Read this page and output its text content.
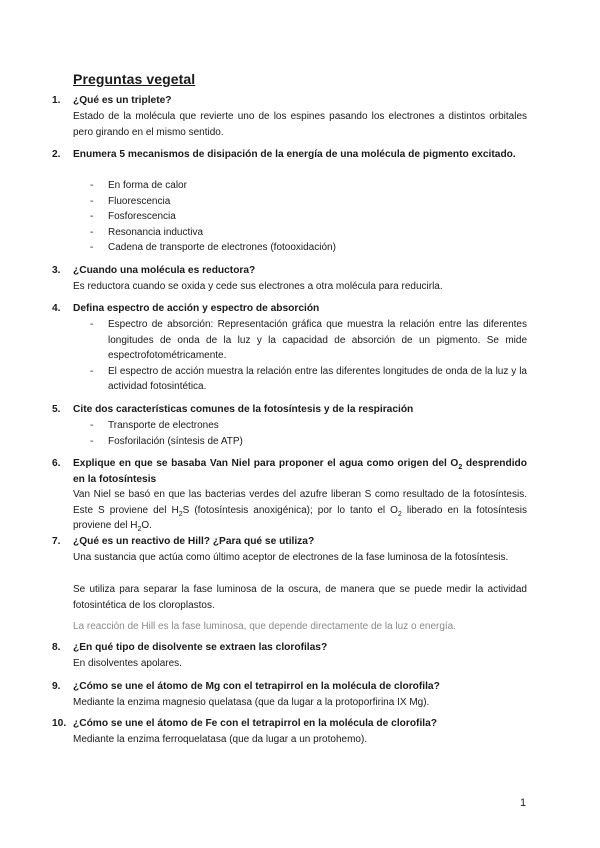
Preguntas vegetal
1. ¿Qué es un triplete?
Estado de la molécula que revierte uno de los espines pasando los electrones a distintos orbitales pero girando en el mismo sentido.
2. Enumera 5 mecanismos de disipación de la energía de una molécula de pigmento excitado.
- En forma de calor
- Fluorescencia
- Fosforescencia
- Resonancia inductiva
- Cadena de transporte de electrones (fotooxidación)
3. ¿Cuando una molécula es reductora?
Es reductora cuando se oxida y cede sus electrones a otra molécula para reducirla.
4. Defina espectro de acción y espectro de absorción
- Espectro de absorción: Representación gráfica que muestra la relación entre las diferentes longitudes de onda de la luz y la capacidad de absorción de un pigmento. Se mide espectrofotométricamente.
- El espectro de acción muestra la relación entre las diferentes longitudes de onda de la luz y la actividad fotosintética.
5. Cite dos características comunes de la fotosíntesis y de la respiración
- Transporte de electrones
- Fosforilación (síntesis de ATP)
6. Explique en que se basaba Van Niel para proponer el agua como origen del $O_2$ desprendido en la fotosíntesis
Van Niel se basó en que las bacterias verdes del azufre liberan S como resultado de la fotosíntesis. Este S proviene del $H_2S$ (fotosíntesis anoxigénica); por lo tanto el $O_2$ liberado en la fotosíntesis proviene del $H_2O$.
7. ¿Qué es un reactivo de Hill? ¿Para qué se utiliza?
Una sustancia que actúa como último aceptor de electrones de la fase luminosa de la fotosíntesis.
Se utiliza para separar la fase luminosa de la oscura, de manera que se puede medir la actividad fotosintética de los cloroplastos.
La reacción de Hill es la fase luminosa, que depende directamente de la luz o energía.
8. ¿En qué tipo de disolvente se extraen las clorofilas?
En disolventes apolares.
9. ¿Cómo se une el átomo de Mg con el tetrapirrol en la molécula de clorofila?
Mediante la enzima magnesio quelatasa (que da lugar a la protoporfirina IX Mg).
10. ¿Cómo se une el átomo de Fe con el tetrapirrol en la molécula de clorofila?
Mediante la enzima ferroquelatasa (que da lugar a un protohemo).
1
